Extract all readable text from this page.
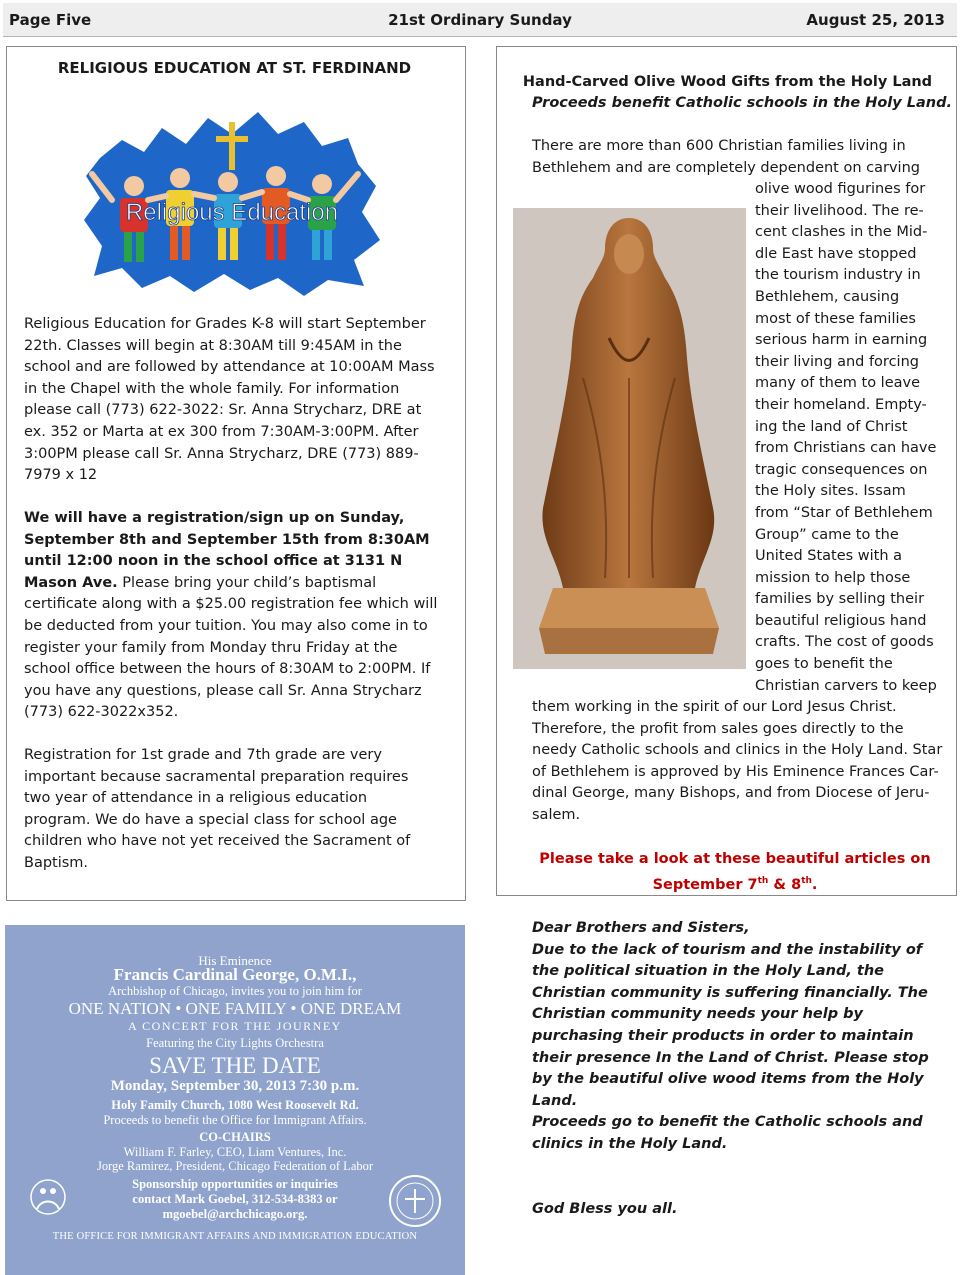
21st Ordinary Sunday
Page Five	August 25, 2013
RELIGIOUS EDUCATION AT ST. FERDINAND
Religious Education

Religious Education for Grades K-8 will start September 22th. Classes will begin at 8:30AM till 9:45AM in the school and are followed by attendance at 10:00AM Mass in the Chapel with the whole family. For information please call (773) 622-3022: Sr. Anna Strycharz, DRE at ex. 352 or Marta at ex 300 from 7:30AM-3:00PM. After 3:00PM please call Sr. Anna Strycharz, DRE (773) 889-7979 x 12

We will have a registration/sign up on Sunday, September 8th and September 15th from 8:30AM until 12:00 noon in the school office at 3131 N Mason Ave. Please bring your child’s baptismal certificate along with a $25.00 registration fee which will be deducted from your tuition. You may also come in to register your family from Monday thru Friday at the school office between the hours of 8:30AM to 2:00PM. If you have any questions, please call Sr. Anna Strycharz (773) 622-3022x352.

Registration for 1st grade and 7th grade are very important because sacramental preparation requires two year of attendance in a religious education program. We do have a special class for school age children who have not yet received the Sacrament of Baptism.

Hand-Carved Olive Wood Gifts from the Holy Land
Proceeds benefit Catholic schools in the Holy Land.
There are more than 600 Christian families living in
Bethlehem and are completely dependent on carving
olive wood figurines for
their livelihood. The re-
cent clashes in the Mid-
dle East have stopped
the tourism industry in
Bethlehem, causing
most of these families
serious harm in earning
their living and forcing
many of them to leave
their homeland. Empty-
ing the land of Christ
from Christians can have
tragic consequences on
the Holy sites. Issam
from “Star of Bethlehem
Group” came to the
United States with a
mission to help those
families by selling their
beautiful religious hand
crafts. The cost of goods
goes to benefit the
Christian carvers to keep
them working in the spirit of our Lord Jesus Christ.
Therefore, the profit from sales goes directly to the
needy Catholic schools and clinics in the Holy Land. Star
of Bethlehem is approved by His Eminence Frances Car-
dinal George, many Bishops, and from Diocese of Jeru-
salem.
Please take a look at these beautiful articles on
September 7th & 8th.
His Eminence
Francis Cardinal George, O.M.I.,
Archbishop of Chicago, invites you to join him for
ONE NATION • ONE FAMILY • ONE DREAM
A CONCERT FOR THE JOURNEY
Featuring the City Lights Orchestra
SAVE THE DATE
Monday, September 30, 2013 7:30 p.m.
Holy Family Church, 1080 West Roosevelt Rd.
Proceeds to benefit the Office for Immigrant Affairs.
CO-CHAIRS
William F. Farley, CEO, Liam Ventures, Inc.
Jorge Ramirez, President, Chicago Federation of Labor
Sponsorship opportunities or inquiries
contact Mark Goebel, 312-534-8383 or
mgoebel@archchicago.org.
THE OFFICE FOR IMMIGRANT AFFAIRS AND IMMIGRATION EDUCATION
Dear Brothers and Sisters,
Due to the lack of tourism and the instability of the political situation in the Holy Land, the Christian community is suffering financially. The Christian community needs your help by purchasing their products in order to maintain their presence In the Land of Christ. Please stop by the beautiful olive wood items from the Holy Land.
Proceeds go to benefit the Catholic schools and clinics in the Holy Land.
God Bless you all.
